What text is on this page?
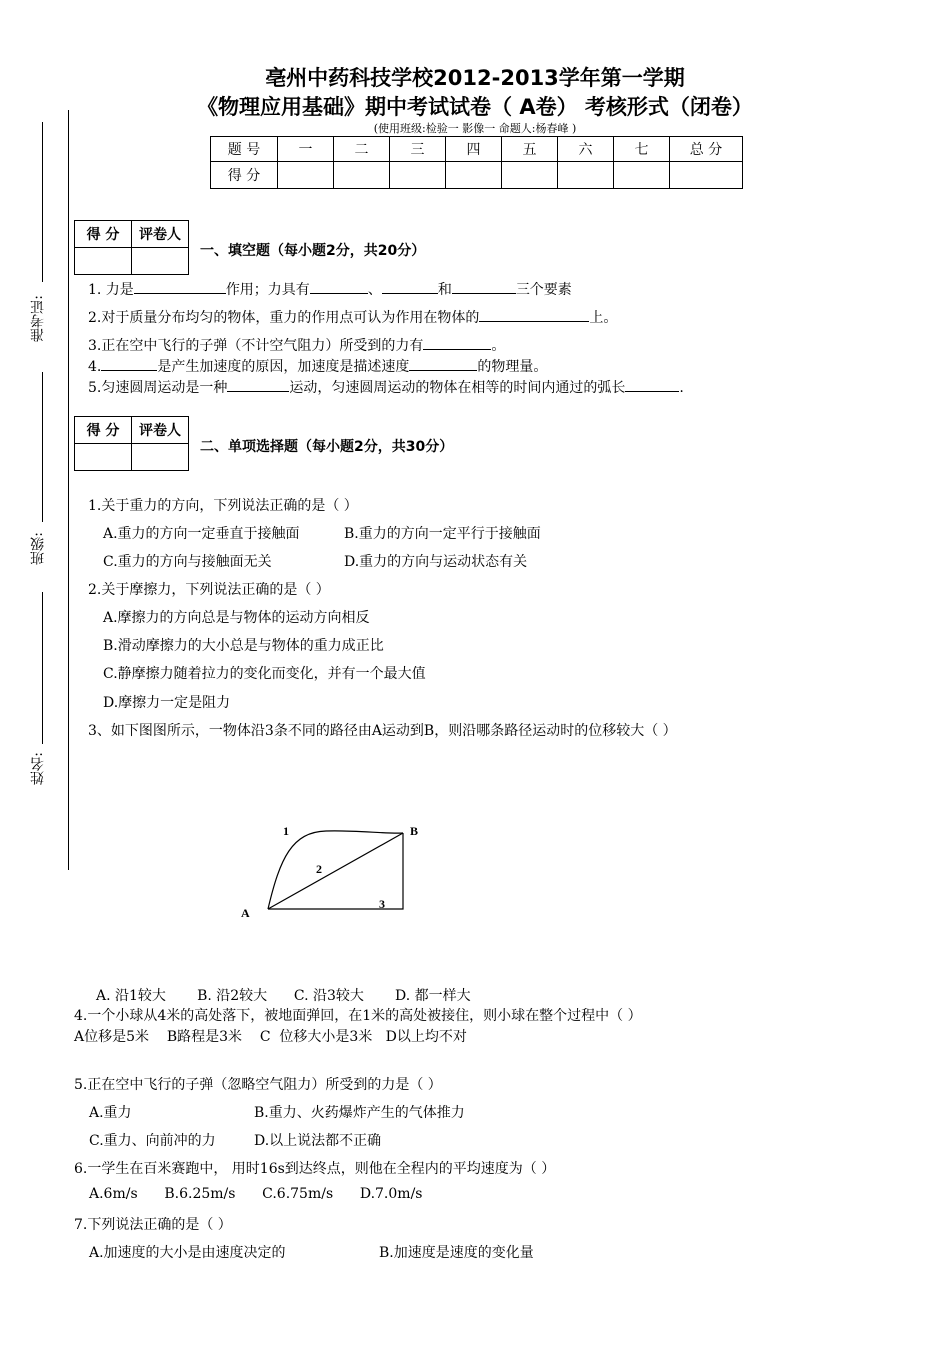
亳州中药科技学校2012-2013学年第一学期
《物理应用基础》期中考试试卷（ A卷） 考核形式（闭卷）
(使用班级:检验一 影像一 命题人:杨春峰 )
题 号	一	二	三	四	五	六	七	总 分
得 分								
准考证:
班级:
姓名:
得 分	评卷人

一、填空题（每小题2分，共20分）
1. 力是	作用；力具有	、	和	三个要素
2.对于质量分布均匀的物体，重力的作用点可认为作用在物体的	上。
3.正在空中飞行的子弹（不计空气阻力）所受到的力有	。
4.	是产生加速度的原因，加速度是描述速度	的物理量。
5.匀速圆周运动是一种	运动，匀速圆周运动的物体在相等的时间内通过的弧长	.
得 分	评卷人

二、单项选择题（每小题2分，共30分）
1.关于重力的方向，下列说法正确的是（ ）
A.重力的方向一定垂直于接触面	B.重力的方向一定平行于接触面
C.重力的方向与接触面无关	D.重力的方向与运动状态有关
2.关于摩擦力，下列说法正确的是（ ）
A.摩擦力的方向总是与物体的运动方向相反
B.滑动摩擦力的大小总是与物体的重力成正比
C.静摩擦力随着拉力的变化而变化，并有一个最大值
D.摩擦力一定是阻力
3、如下图图所示，一物体沿3条不同的路径由A运动到B，则沿哪条路径运动时的位移较大（ ）
1
2
3
A
B
A. 沿1较大       B. 沿2较大      C. 沿3较大       D. 都一样大
4.一个小球从4米的高处落下，被地面弹回，在1米的高处被接住，则小球在整个过程中（ ）
A位移是5米    B路程是3米    C  位移大小是3米   D以上均不对
5.正在空中飞行的子弹（忽略空气阻力）所受到的力是（ ）
A.重力	B.重力、火药爆炸产生的气体推力
C.重力、向前冲的力	D.以上说法都不正确
6.一学生在百米赛跑中， 用时16s到达终点，则他在全程内的平均速度为（ ）
A.6m/s      B.6.25m/s      C.6.75m/s      D.7.0m/s
7.下列说法正确的是（ ）
A.加速度的大小是由速度决定的	B.加速度是速度的变化量
